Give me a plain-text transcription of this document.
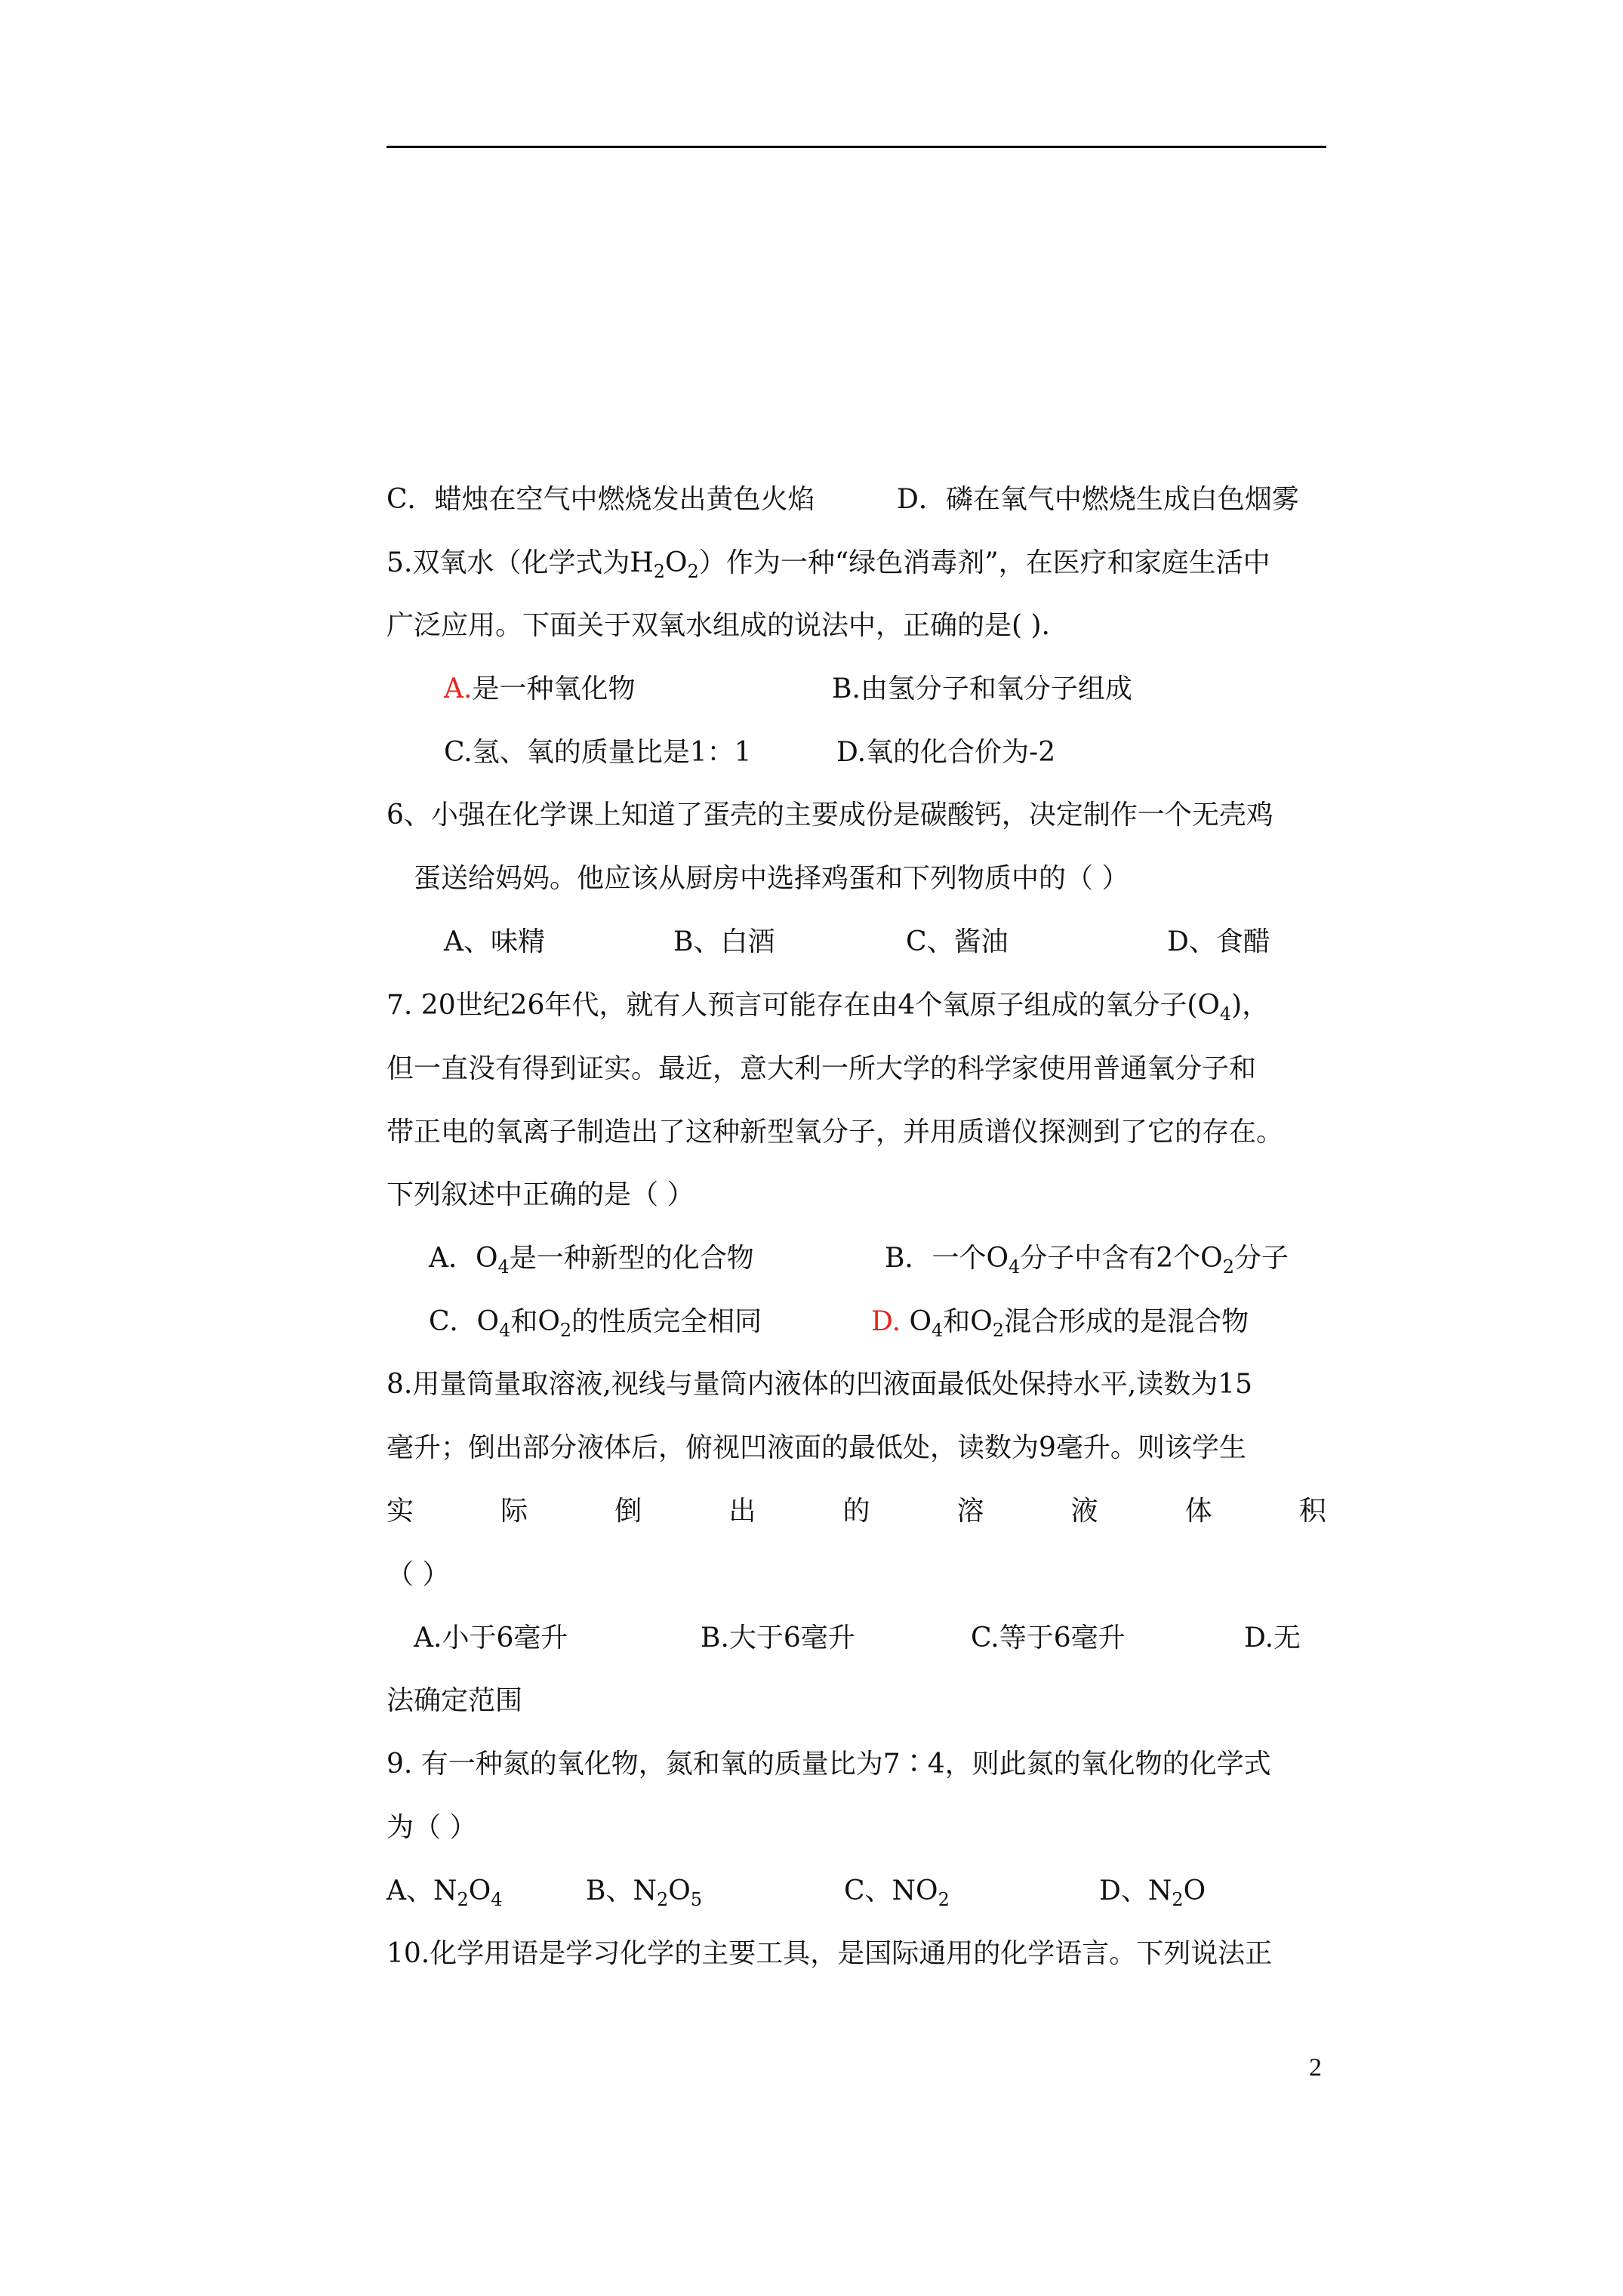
C．蜡烛在空气中燃烧发出黄色火焰	D．磷在氧气中燃烧生成白色烟雾
5.双氧水（化学式为$H_2O_2$）作为一种“绿色消毒剂”，在医疗和家庭生活中
广泛应用。下面关于双氧水组成的说法中，正确的是( ).
A.是一种氧化物	B.由氢分子和氧分子组成
C.氢、氧的质量比是1：1	D.氧的化合价为-2
6、小强在化学课上知道了蛋壳的主要成份是碳酸钙，决定制作一个无壳鸡
蛋送给妈妈。他应该从厨房中选择鸡蛋和下列物质中的（ ）
A、味精	B、白酒	C、酱油	D、食醋
7. 20世纪26年代，就有人预言可能存在由4个氧原子组成的氧分子$(O_4)$，
但一直没有得到证实。最近，意大利一所大学的科学家使用普通氧分子和
带正电的氧离子制造出了这种新型氧分子，并用质谱仪探测到了它的存在。
下列叙述中正确的是（ ）
A．$O_4$是一种新型的化合物	B．一个$O_4$分子中含有2个$O_2$分子
C．$O_4$和$O_2$的性质完全相同	D. $O_4$和$O_2$混合形成的是混合物
8.用量筒量取溶液,视线与量筒内液体的凹液面最低处保持水平,读数为15
毫升；倒出部分液体后，俯视凹液面的最低处，读数为9毫升。则该学生
实	际	倒	出	的	溶	液	体	积
（ ）
A.小于6毫升	B.大于6毫升	C.等于6毫升	D.无
法确定范围
9. 有一种氮的氧化物，氮和氧的质量比为7∶4，则此氮的氧化物的化学式
为（ ）
A、$N_2O_4$	B、$N_2O_5$	C、$NO_2$	D、$N_2O$
10.化学用语是学习化学的主要工具，是国际通用的化学语言。下列说法正
2
